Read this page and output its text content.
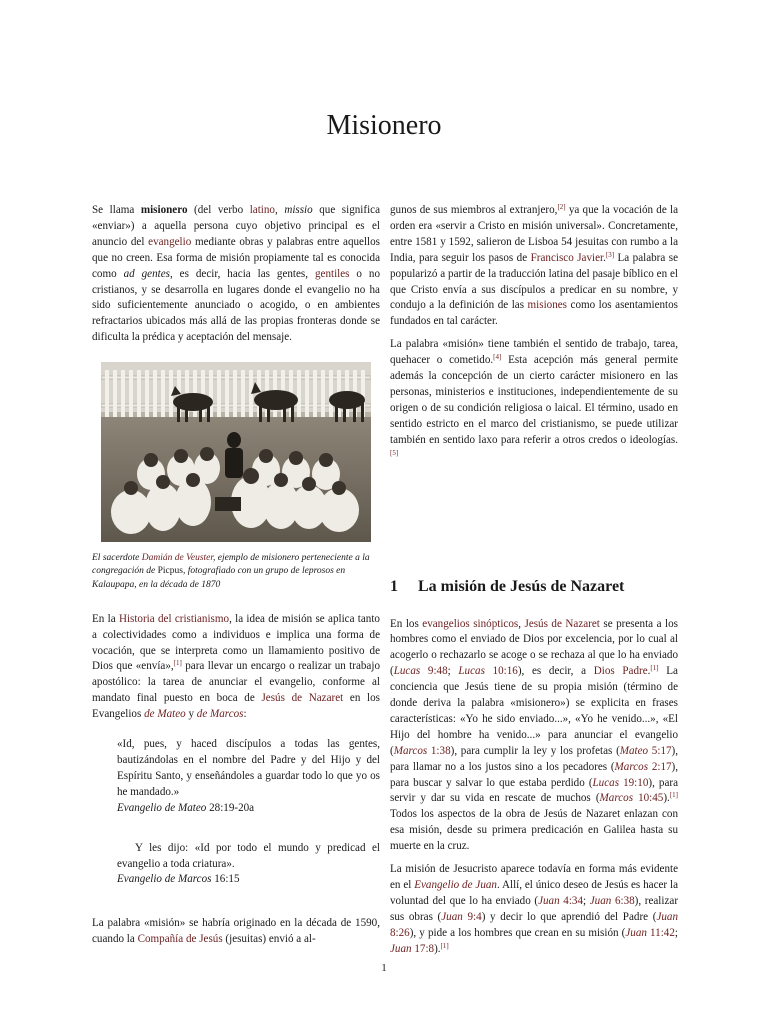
Misionero

Se llama misionero (del verbo latino, missio que significa «enviar») a aquella persona cuyo objetivo principal es el anuncio del evangelio mediante obras y palabras entre aquellos que no creen. Esa forma de misión propiamente tal es conocida como ad gentes, es decir, hacia las gentes, gentiles o no cristianos, y se desarrolla en lugares donde el evangelio no ha sido suficientemente anunciado o acogido, o en ambientes refractarios ubicados más allá de las propias fronteras donde se dificulta la prédica y aceptación del mensaje.

El sacerdote Damián de Veuster, ejemplo de misionero perteneciente a la congregación de Picpus, fotografiado con un grupo de leprosos en Kalaupapa, en la década de 1870

En la Historia del cristianismo, la idea de misión se aplica tanto a colectividades como a individuos e implica una forma de vocación, que se interpreta como un llamamiento positivo de Dios que «envía»,[1] para llevar un encargo o realizar un trabajo apostólico: la tarea de anunciar el evangelio, conforme al mandato final puesto en boca de Jesús de Nazaret en los Evangelios de Mateo y de Marcos:

«Id, pues, y haced discípulos a todas las gentes, bautizándolas en el nombre del Padre y del Hijo y del Espíritu Santo, y enseñándoles a guardar todo lo que yo os he mandado.»
Evangelio de Mateo 28:19-20a
Y les dijo: «Id por todo el mundo y predicad el evangelio a toda criatura».
Evangelio de Marcos 16:15

La palabra «misión» se habría originado en la década de 1590, cuando la Compañía de Jesús (jesuitas) envió a al-

gunos de sus miembros al extranjero,[2] ya que la vocación de la orden era «servir a Cristo en misión universal». Concretamente, entre 1581 y 1592, salieron de Lisboa 54 jesuitas con rumbo a la India, para seguir los pasos de Francisco Javier.[3] La palabra se popularizó a partir de la traducción latina del pasaje bíblico en el que Cristo envía a sus discípulos a predicar en su nombre, y condujo a la definición de las misiones como los asentamientos fundados en tal carácter.

La palabra «misión» tiene también el sentido de trabajo, tarea, quehacer o cometido.[4] Esta acepción más general permite además la concepción de un cierto carácter misionero en las personas, ministerios e instituciones, independientemente de su origen o de su condición religiosa o laical. El término, usado en sentido estricto en el marco del cristianismo, se puede utilizar también en sentido laxo para referir a otros credos o ideologías.[5]

1 La misión de Jesús de Nazaret

En los evangelios sinópticos, Jesús de Nazaret se presenta a los hombres como el enviado de Dios por excelencia, por lo cual al acogerlo o rechazarlo se acoge o se rechaza al que lo ha enviado (Lucas 9:48; Lucas 10:16), es decir, a Dios Padre.[1] La conciencia que Jesús tiene de su propia misión (término de donde deriva la palabra «misionero») se explicita en frases características: «Yo he sido enviado...», «Yo he venido...», «El Hijo del hombre ha venido...» para anunciar el evangelio (Marcos 1:38), para cumplir la ley y los profetas (Mateo 5:17), para llamar no a los justos sino a los pecadores (Marcos 2:17), para buscar y salvar lo que estaba perdido (Lucas 19:10), para servir y dar su vida en rescate de muchos (Marcos 10:45).[1] Todos los aspectos de la obra de Jesús de Nazaret enlazan con esa misión, desde su primera predicación en Galilea hasta su muerte en la cruz.

La misión de Jesucristo aparece todavía en forma más evidente en el Evangelio de Juan. Allí, el único deseo de Jesús es hacer la voluntad del que lo ha enviado (Juan 4:34; Juan 6:38), realizar sus obras (Juan 9:4) y decir lo que aprendió del Padre (Juan 8:26), y pide a los hombres que crean en su misión (Juan 11:42; Juan 17:8).[1]

1
